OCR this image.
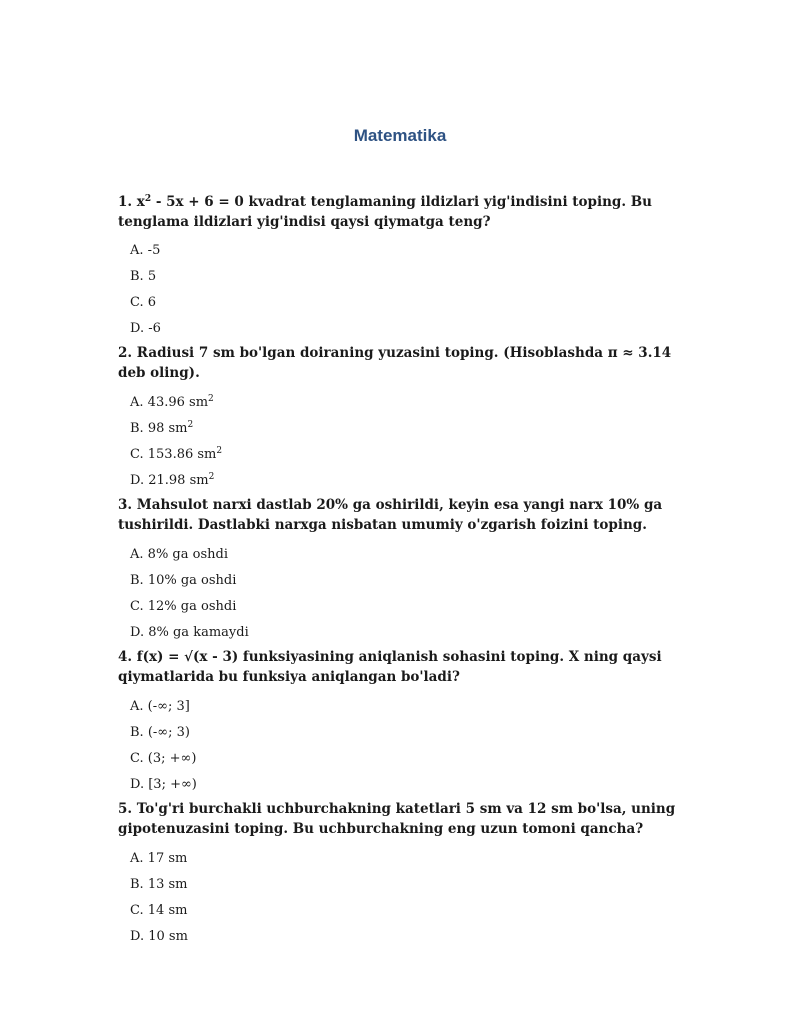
Matematika

1. $x^2 - 5x + 6 = 0$ kvadrat tenglamaning ildizlari yig'indisini toping. Bu tenglama ildizlari yig'indisi qaysi qiymatga teng?

A. -5
B. 5
C. 6
D. -6

2. Radiusi 7 sm bo'lgan doiraning yuzasini toping. (Hisoblashda π ≈ 3.14 deb oling).

A. 43.96 $sm^2$
B. 98 $sm^2$
C. 153.86 $sm^2$
D. 21.98 $sm^2$

3. Mahsulot narxi dastlab 20% ga oshirildi, keyin esa yangi narx 10% ga tushirildi. Dastlabki narxga nisbatan umumiy o'zgarish foizini toping.

A. 8% ga oshdi
B. 10% ga oshdi
C. 12% ga oshdi
D. 8% ga kamaydi

4. f(x) = √(x - 3) funksiyasining aniqlanish sohasini toping. X ning qaysi qiymatlarida bu funksiya aniqlangan bo'ladi?

A. (-∞; 3]
B. (-∞; 3)
C. (3; +∞)
D. [3; +∞)

5. To'g'ri burchakli uchburchakning katetlari 5 sm va 12 sm bo'lsa, uning gipotenuzasini toping. Bu uchburchakning eng uzun tomoni qancha?

A. 17 sm
B. 13 sm
C. 14 sm
D. 10 sm
